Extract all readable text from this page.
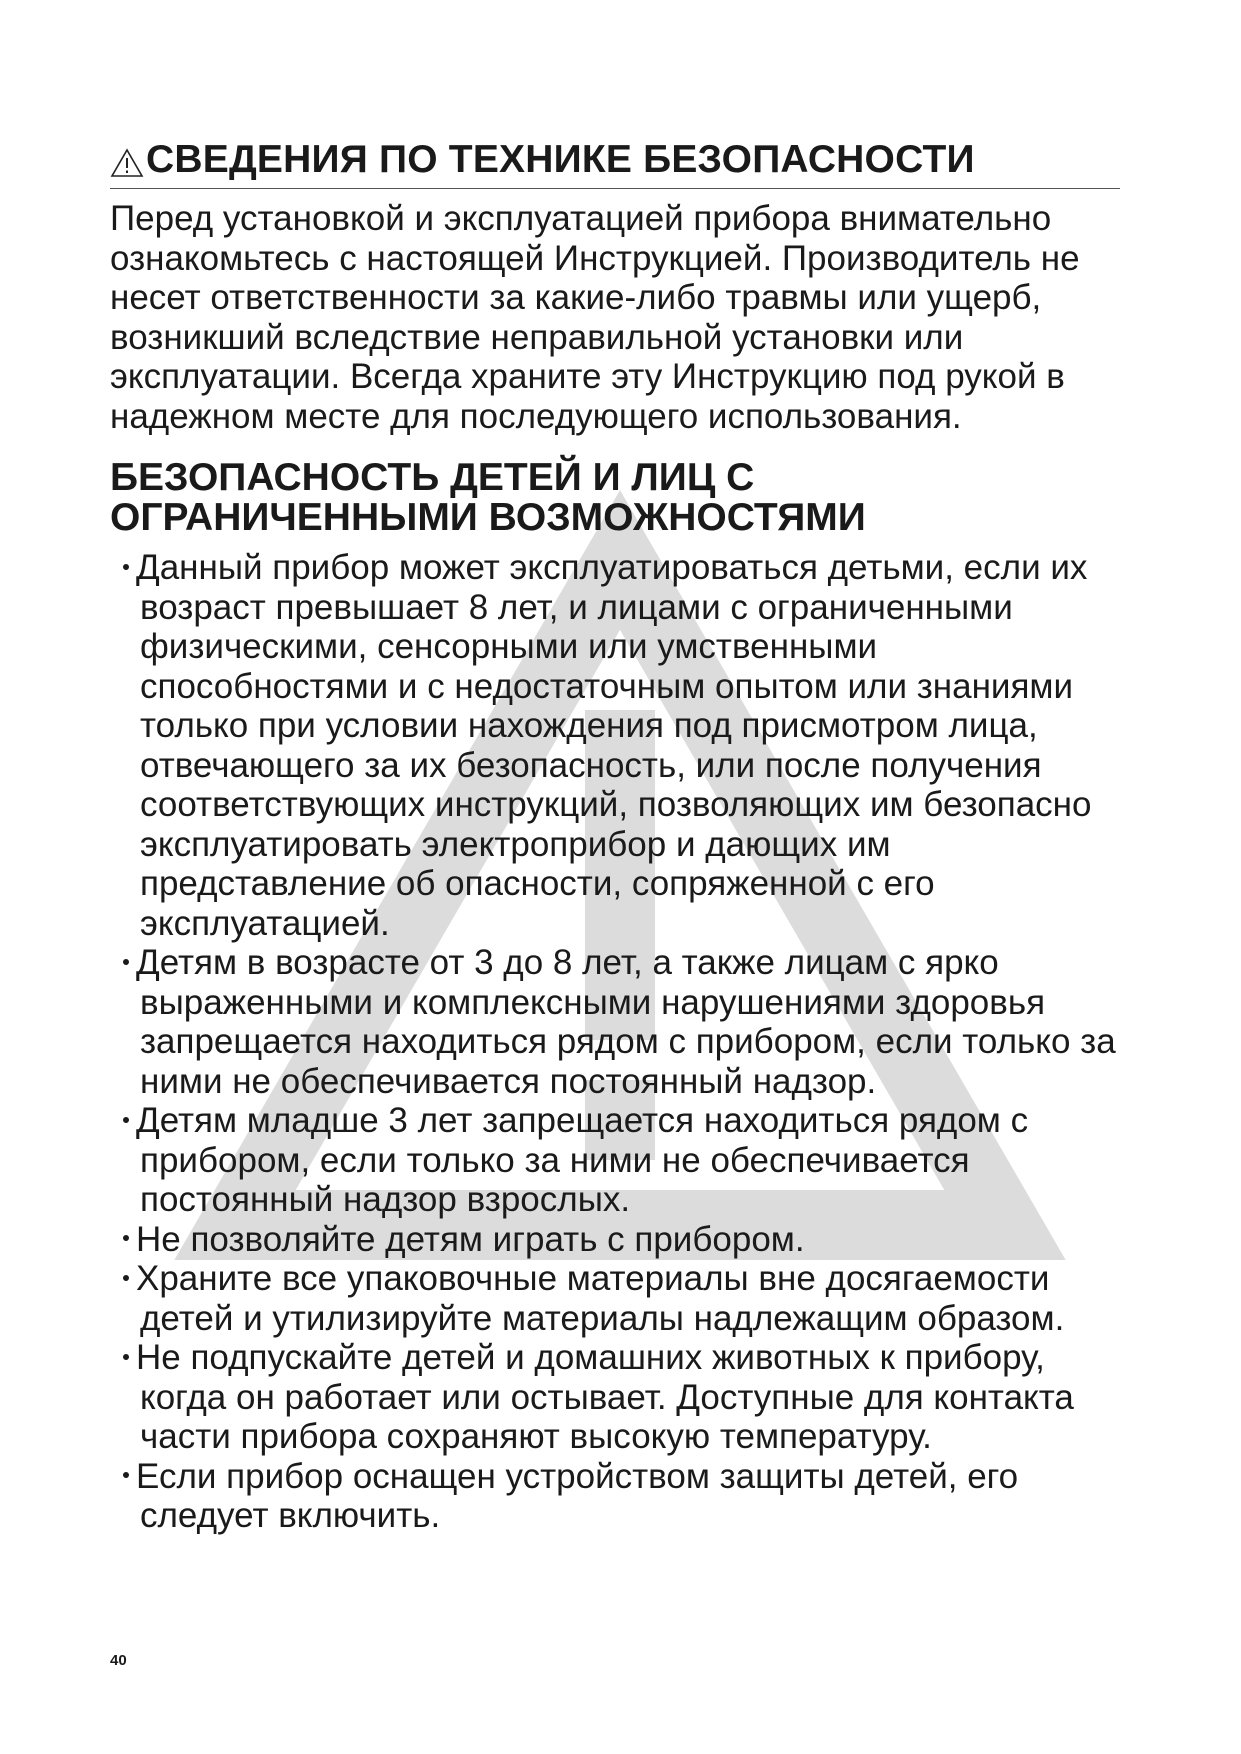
СВЕДЕНИЯ ПО ТЕХНИКЕ БЕЗОПАСНОСТИ
Перед установкой и эксплуатацией прибора внимательно ознакомьтесь с настоящей Инструкцией. Производитель не несет ответственности за какие-либо травмы или ущерб, возникший вследствие неправильной установки или эксплуатации. Всегда храните эту Инструкцию под рукой в надежном месте для последующего использования.
БЕЗОПАСНОСТЬ ДЕТЕЙ И ЛИЦ С
ОГРАНИЧЕННЫМИ ВОЗМОЖНОСТЯМИ
Данный прибор может эксплуатироваться детьми, если их возраст превышает 8 лет, и лицами с ограниченными физическими, сенсорными или умственными способностями и с недостаточным опытом или знаниями только при условии нахождения под присмотром лица, отвечающего за их безопасность, или после получения соответствующих инструкций, позволяющих им безопасно эксплуатировать электроприбор и дающих им представление об опасности, сопряженной с его эксплуатацией.
Детям в возрасте от 3 до 8 лет, а также лицам с ярко выраженными и комплексными нарушениями здоровья запрещается находиться рядом с прибором, если только за ними не обеспечивается постоянный надзор.
Детям младше 3 лет запрещается находиться рядом с прибором, если только за ними не обеспечивается постоянный надзор взрослых.
Не позволяйте детям играть с прибором.
Храните все упаковочные материалы вне досягаемости детей и утилизируйте материалы надлежащим образом.
Не подпускайте детей и домашних животных к прибору, когда он работает или остывает. Доступные для контакта части прибора сохраняют высокую температуру.
Если прибор оснащен устройством защиты детей, его следует включить.
40
